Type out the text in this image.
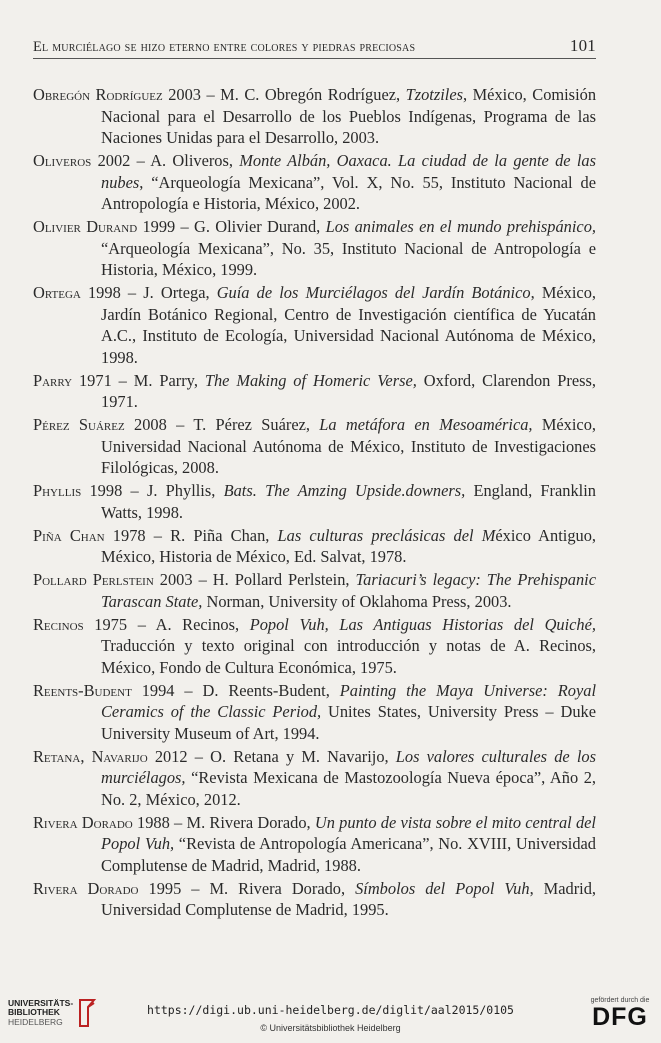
El murciélago se hizo eterno entre colores y piedras preciosas	101
Obregón Rodríguez 2003 – M. C. Obregón Rodríguez, Tzotziles, México, Comisión Nacional para el Desarrollo de los Pueblos Indígenas, Programa de las Naciones Unidas para el Desarrollo, 2003.
Oliveros 2002 – A. Oliveros, Monte Albán, Oaxaca. La ciudad de la gente de las nubes, “Arqueología Mexicana”, Vol. X, No. 55, Instituto Nacional de Antropología e Historia, México, 2002.
Olivier Durand 1999 – G. Olivier Durand, Los animales en el mundo prehispánico, “Arqueología Mexicana”, No. 35, Instituto Nacional de Antropología e Historia, México, 1999.
Ortega 1998 – J. Ortega, Guía de los Murciélagos del Jardín Botánico, México, Jardín Botánico Regional, Centro de Investigación científica de Yucatán A.C., Instituto de Ecología, Universidad Nacional Autónoma de México, 1998.
Parry 1971 – M. Parry, The Making of Homeric Verse, Oxford, Clarendon Press, 1971.
Pérez Suárez 2008 – T. Pérez Suárez, La metáfora en Mesoamérica, México, Universidad Nacional Autónoma de México, Instituto de Investigaciones Filológicas, 2008.
Phyllis 1998 – J. Phyllis, Bats. The Amzing Upside.downers, England, Franklin Watts, 1998.
Piña Chan 1978 – R. Piña Chan, Las culturas preclásicas del México Antiguo, México, Historia de México, Ed. Salvat, 1978.
Pollard Perlstein 2003 – H. Pollard Perlstein, Tariacuri’s legacy: The Prehispanic Tarascan State, Norman, University of Oklahoma Press, 2003.
Recinos 1975 – A. Recinos, Popol Vuh, Las Antiguas Historias del Quiché, Traducción y texto original con introducción y notas de A. Recinos, México, Fondo de Cultura Económica, 1975.
Reents-Budent 1994 – D. Reents-Budent, Painting the Maya Universe: Royal Ceramics of the Classic Period, Unites States, University Press – Duke University Museum of Art, 1994.
Retana, Navarijo 2012 – O. Retana y M. Navarijo, Los valores culturales de los murciélagos, “Revista Mexicana de Mastozoología Nueva época”, Año 2, No. 2, México, 2012.
Rivera Dorado 1988 – M. Rivera Dorado, Un punto de vista sobre el mito central del Popol Vuh, “Revista de Antropología Americana”, No. XVIII, Universidad Complutense de Madrid, Madrid, 1988.
Rivera Dorado 1995 – M. Rivera Dorado, Símbolos del Popol Vuh, Madrid, Universidad Complutense de Madrid, 1995.
UNIVERSITÄTS-
BIBLIOTHEK
HEIDELBERG
https://digi.ub.uni-heidelberg.de/diglit/aal2015/0105
© Universitätsbibliothek Heidelberg
gefördert durch die
DFG
